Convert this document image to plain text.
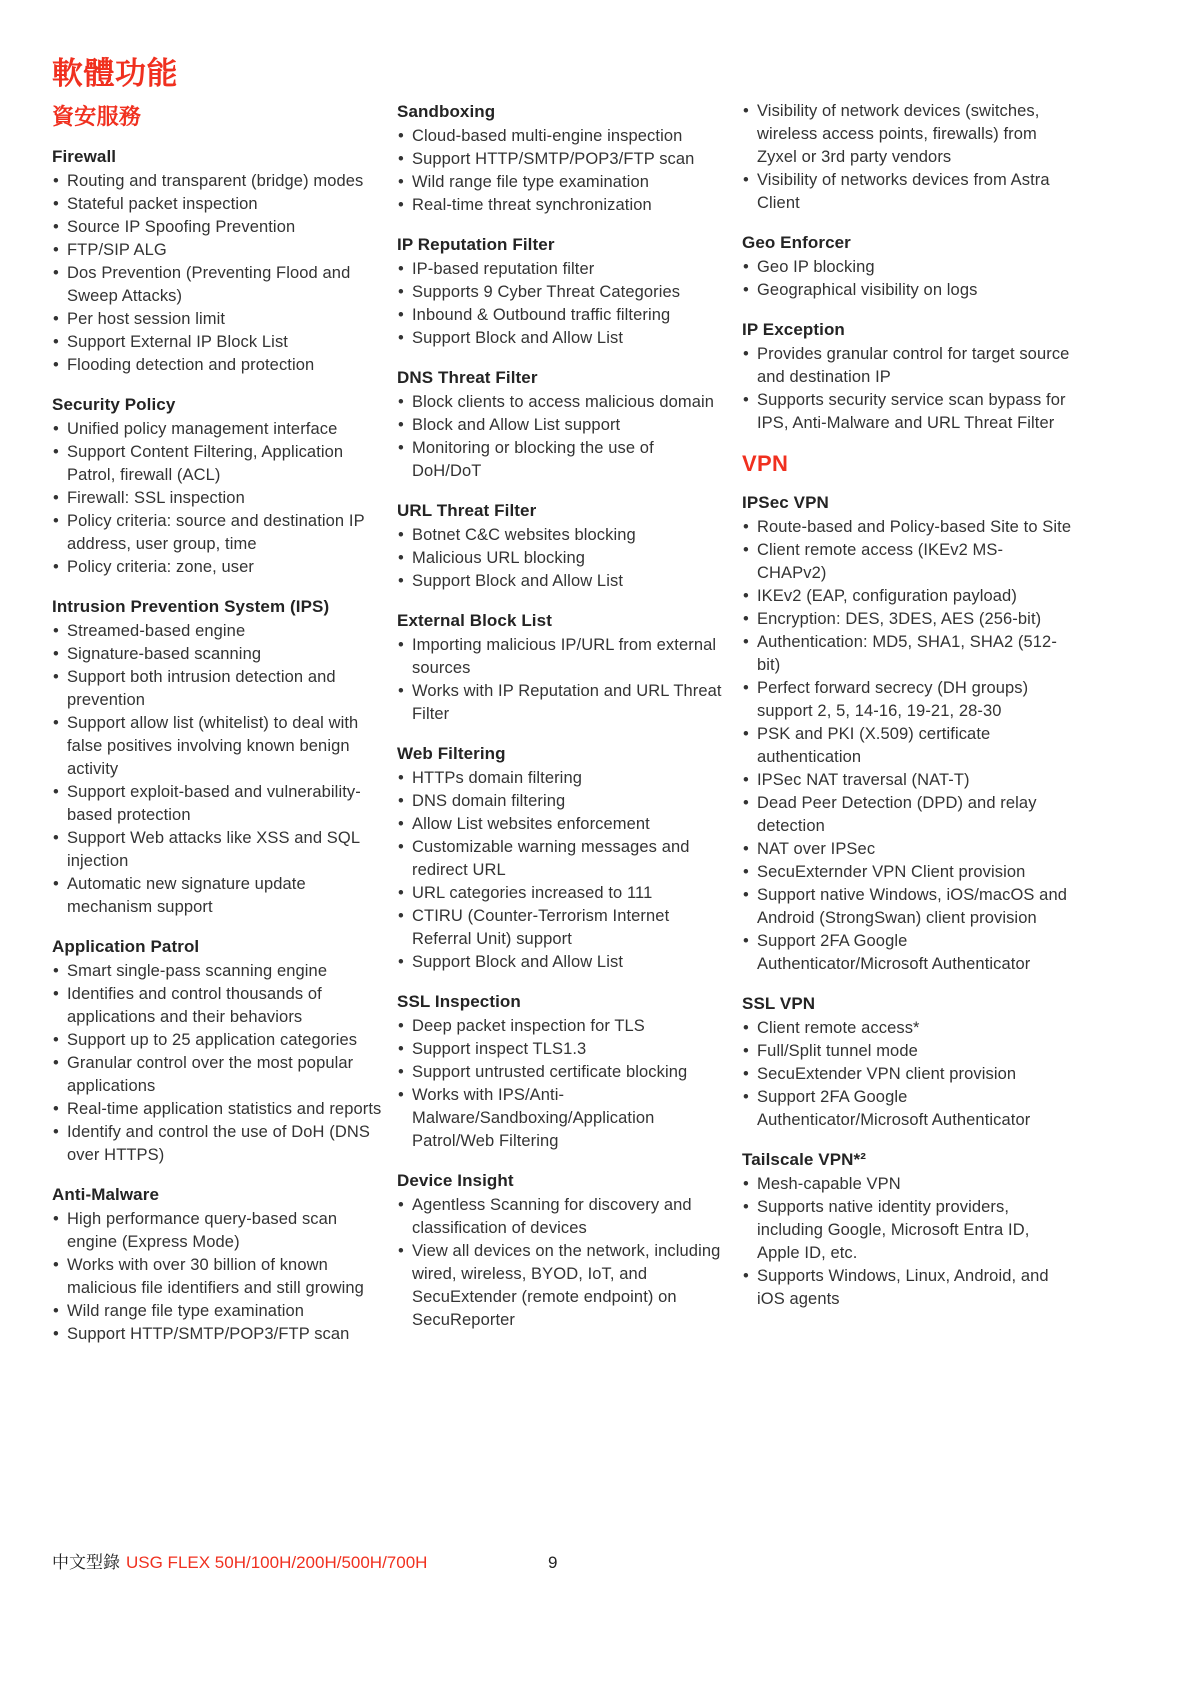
軟體功能
資安服務
Firewall
• Routing and transparent (bridge) modes
• Stateful packet inspection
• Source IP Spoofing Prevention
• FTP/SIP ALG
• Dos Prevention (Preventing Flood and Sweep Attacks)
• Per host session limit
• Support External IP Block List
• Flooding detection and protection
Security Policy
• Unified policy management interface
• Support Content Filtering, Application Patrol, firewall (ACL)
• Firewall: SSL inspection
• Policy criteria: source and destination IP address, user group, time
• Policy criteria: zone, user
Intrusion Prevention System (IPS)
• Streamed-based engine
• Signature-based scanning
• Support both intrusion detection and prevention
• Support allow list (whitelist) to deal with false positives involving known benign activity
• Support exploit-based and vulnerability-based protection
• Support Web attacks like XSS and SQL injection
• Automatic new signature update mechanism support
Application Patrol
• Smart single-pass scanning engine
• Identifies and control thousands of applications and their behaviors
• Support up to 25 application categories
• Granular control over the most popular applications
• Real-time application statistics and reports
• Identify and control the use of DoH (DNS over HTTPS)
Anti-Malware
• High performance query-based scan engine (Express Mode)
• Works with over 30 billion of known malicious file identifiers and still growing
• Wild range file type examination
• Support HTTP/SMTP/POP3/FTP scan
Sandboxing
• Cloud-based multi-engine inspection
• Support HTTP/SMTP/POP3/FTP scan
• Wild range file type examination
• Real-time threat synchronization
IP Reputation Filter
• IP-based reputation filter
• Supports 9 Cyber Threat Categories
• Inbound & Outbound traffic filtering
• Support Block and Allow List
DNS Threat Filter
• Block clients to access malicious domain
• Block and Allow List support
• Monitoring or blocking the use of DoH/DoT
URL Threat Filter
• Botnet C&C websites blocking
• Malicious URL blocking
• Support Block and Allow List
External Block List
• Importing malicious IP/URL from external sources
• Works with IP Reputation and URL Threat Filter
Web Filtering
• HTTPs domain filtering
• DNS domain filtering
• Allow List websites enforcement
• Customizable warning messages and redirect URL
• URL categories increased to 111
• CTIRU (Counter-Terrorism Internet Referral Unit) support
• Support Block and Allow List
SSL Inspection
• Deep packet inspection for TLS
• Support inspect TLS1.3
• Support untrusted certificate blocking
• Works with IPS/Anti-Malware/Sandboxing/Application Patrol/Web Filtering
Device Insight
• Agentless Scanning for discovery and classification of devices
• View all devices on the network, including wired, wireless, BYOD, IoT, and SecuExtender (remote endpoint) on SecuReporter
• Visibility of network devices (switches, wireless access points, firewalls) from Zyxel or 3rd party vendors
• Visibility of networks devices from Astra Client
Geo Enforcer
• Geo IP blocking
• Geographical visibility on logs
IP Exception
• Provides granular control for target source and destination IP
• Supports security service scan bypass for IPS, Anti-Malware and URL Threat Filter
VPN
IPSec VPN
• Route-based and Policy-based Site to Site
• Client remote access (IKEv2 MS-CHAPv2)
• IKEv2 (EAP, configuration payload)
• Encryption: DES, 3DES, AES (256-bit)
• Authentication: MD5, SHA1, SHA2 (512-bit)
• Perfect forward secrecy (DH groups) support 2, 5, 14-16, 19-21, 28-30
• PSK and PKI (X.509) certificate authentication
• IPSec NAT traversal (NAT-T)
• Dead Peer Detection (DPD) and relay detection
• NAT over IPSec
• SecuExternder VPN Client provision
• Support native Windows, iOS/macOS and Android (StrongSwan) client provision
• Support 2FA Google Authenticator/Microsoft Authenticator
SSL VPN
• Client remote access*
• Full/Split tunnel mode
• SecuExtender VPN client provision
• Support 2FA Google Authenticator/Microsoft Authenticator
Tailscale VPN*²
• Mesh-capable VPN
• Supports native identity providers, including Google, Microsoft Entra ID, Apple ID, etc.
• Supports Windows, Linux, Android, and iOS agents
中文型錄 USG FLEX 50H/100H/200H/500H/700H	9
